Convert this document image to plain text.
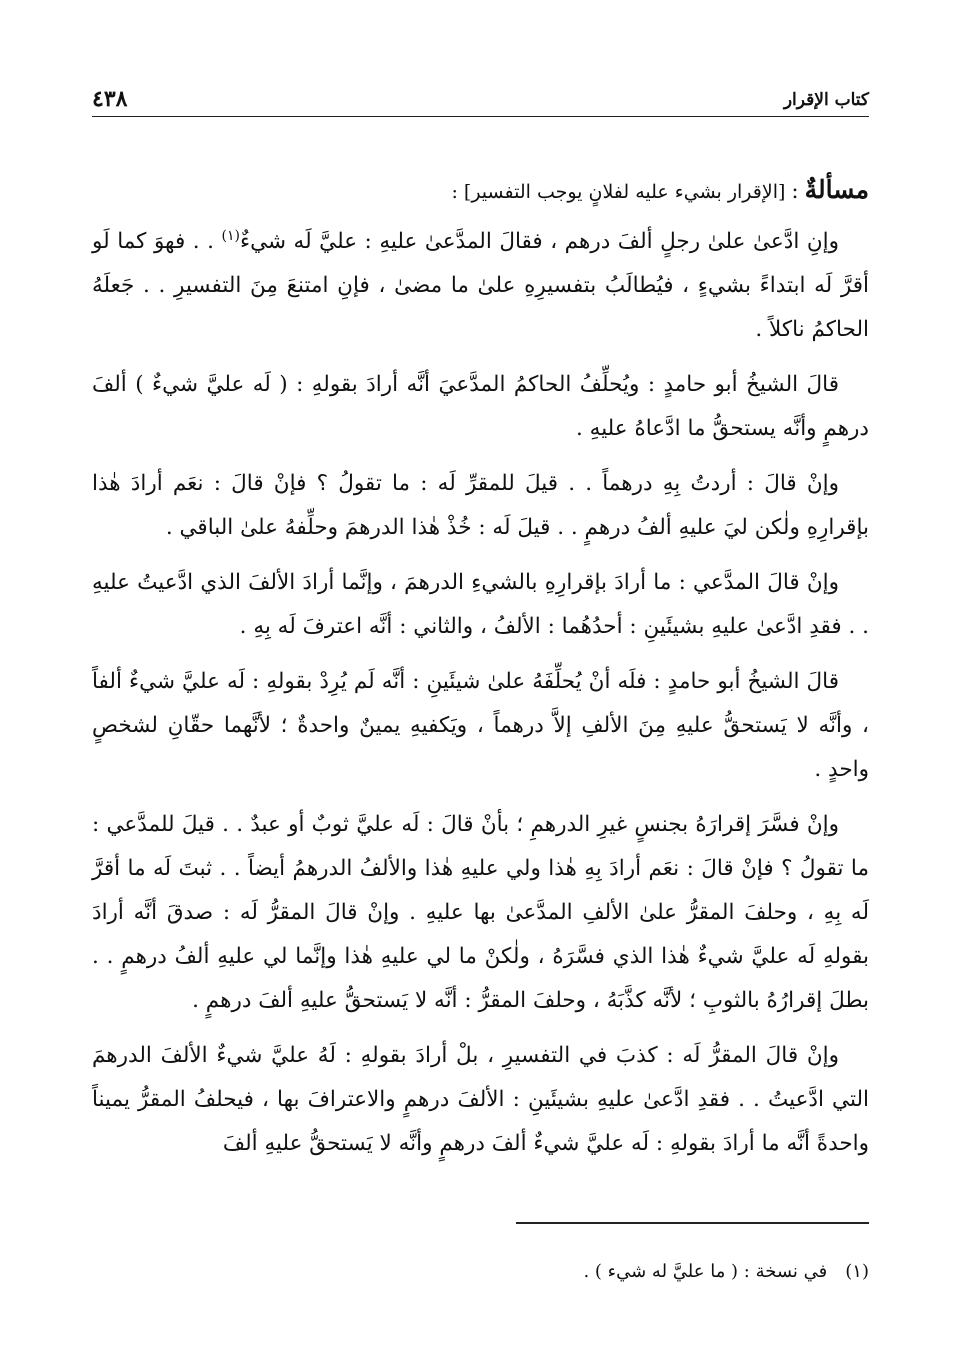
كتاب الإقرار
٤٣٨

مسألةٌ:[الإقرار بشيء عليه لفلانٍ يوجب التفسير] :

وإنِ ادَّعىٰ علىٰ رجلٍ ألفَ درهم ، فقالَ المدَّعىٰ عليهِ : عليَّ لَه شيءٌ$^{(١)}$ . . فهوَ كما لَو أقرَّ لَه ابتداءً بشيءٍ ، فيُطالَبُ بتفسيرِهِ علىٰ ما مضىٰ ، فإنِ امتنعَ مِنَ التفسيرِ . . جَعلَهُ الحاكمُ ناكلاً .

قالَ الشيخُ أبو حامدٍ : ويُحلِّفُ الحاكمُ المدَّعيَ أنَّه أرادَ بقولهِ : ( لَه عليَّ شيءٌ ) ألفَ درهمٍ وأنَّه يستحقُّ ما ادَّعاهُ عليهِ .

وإنْ قالَ : أردتُ بِهِ درهماً . . قيلَ للمقرِّ لَه : ما تقولُ ؟ فإنْ قالَ : نعَم أرادَ هٰذا بإقرارِهِ ولٰكن ليَ عليهِ ألفُ درهمٍ . . قيلَ لَه : خُذْ هٰذا الدرهمَ وحلِّفهُ علىٰ الباقي .

وإنْ قالَ المدَّعي : ما أرادَ بإقرارِهِ بالشيءِ الدرهمَ ، وإنَّما أرادَ الألفَ الذي ادَّعيتُ عليهِ . . فقدِ ادَّعىٰ عليهِ بشيئَينِ : أحدُهُما : الألفُ ، والثاني : أنَّه اعترفَ لَه بِهِ .

قالَ الشيخُ أبو حامدٍ : فلَه أنْ يُحلِّفَهُ علىٰ شيئَينِ : أنَّه لَم يُرِدْ بقولهِ : لَه عليَّ شيءٌ ألفاً ، وأنَّه لا يَستحقُّ عليهِ مِنَ الألفِ إلاَّ درهماً ، ويَكفيهِ يمينٌ واحدةٌ ؛ لأنَّهما حقّانِ لشخصٍ واحدٍ .

وإنْ فسَّرَ إقرارَهُ بجنسٍ غيرِ الدرهمِ ؛ بأنْ قالَ : لَه عليَّ ثوبٌ أو عبدٌ . . قيلَ للمدَّعي : ما تقولُ ؟ فإنْ قالَ : نعَم أرادَ بِهِ هٰذا ولي عليهِ هٰذا والألفُ الدرهمُ أيضاً . . ثبتَ لَه ما أقرَّ لَه بِهِ ، وحلفَ المقرُّ علىٰ الألفِ المدَّعىٰ بها عليهِ . وإنْ قالَ المقرُّ لَه : صدقَ أنَّه أرادَ بقولهِ لَه عليَّ شيءٌ هٰذا الذي فسَّرَهُ ، ولٰكنْ ما لي عليهِ هٰذا وإنَّما لي عليهِ ألفُ درهمٍ . . بطلَ إقرارُهُ بالثوبِ ؛ لأنَّه كذَّبَهُ ، وحلفَ المقرُّ : أنَّه لا يَستحقُّ عليهِ ألفَ درهمٍ .

وإنْ قالَ المقرُّ لَه : كذبَ في التفسيرِ ، بلْ أرادَ بقولهِ : لَهُ عليَّ شيءٌ الألفَ الدرهمَ التي ادَّعيتُ . . فقدِ ادَّعىٰ عليهِ بشيئَينِ : الألفَ درهمٍ والاعترافَ بها ، فيحلفُ المقرُّ يميناً واحدةً أنَّه ما أرادَ بقولهِ : لَه عليَّ شيءٌ ألفَ درهمٍ وأنَّه لا يَستحقُّ عليهِ ألفَ

(١)
في نسخة : ( ما عليَّ له شيء ) .
